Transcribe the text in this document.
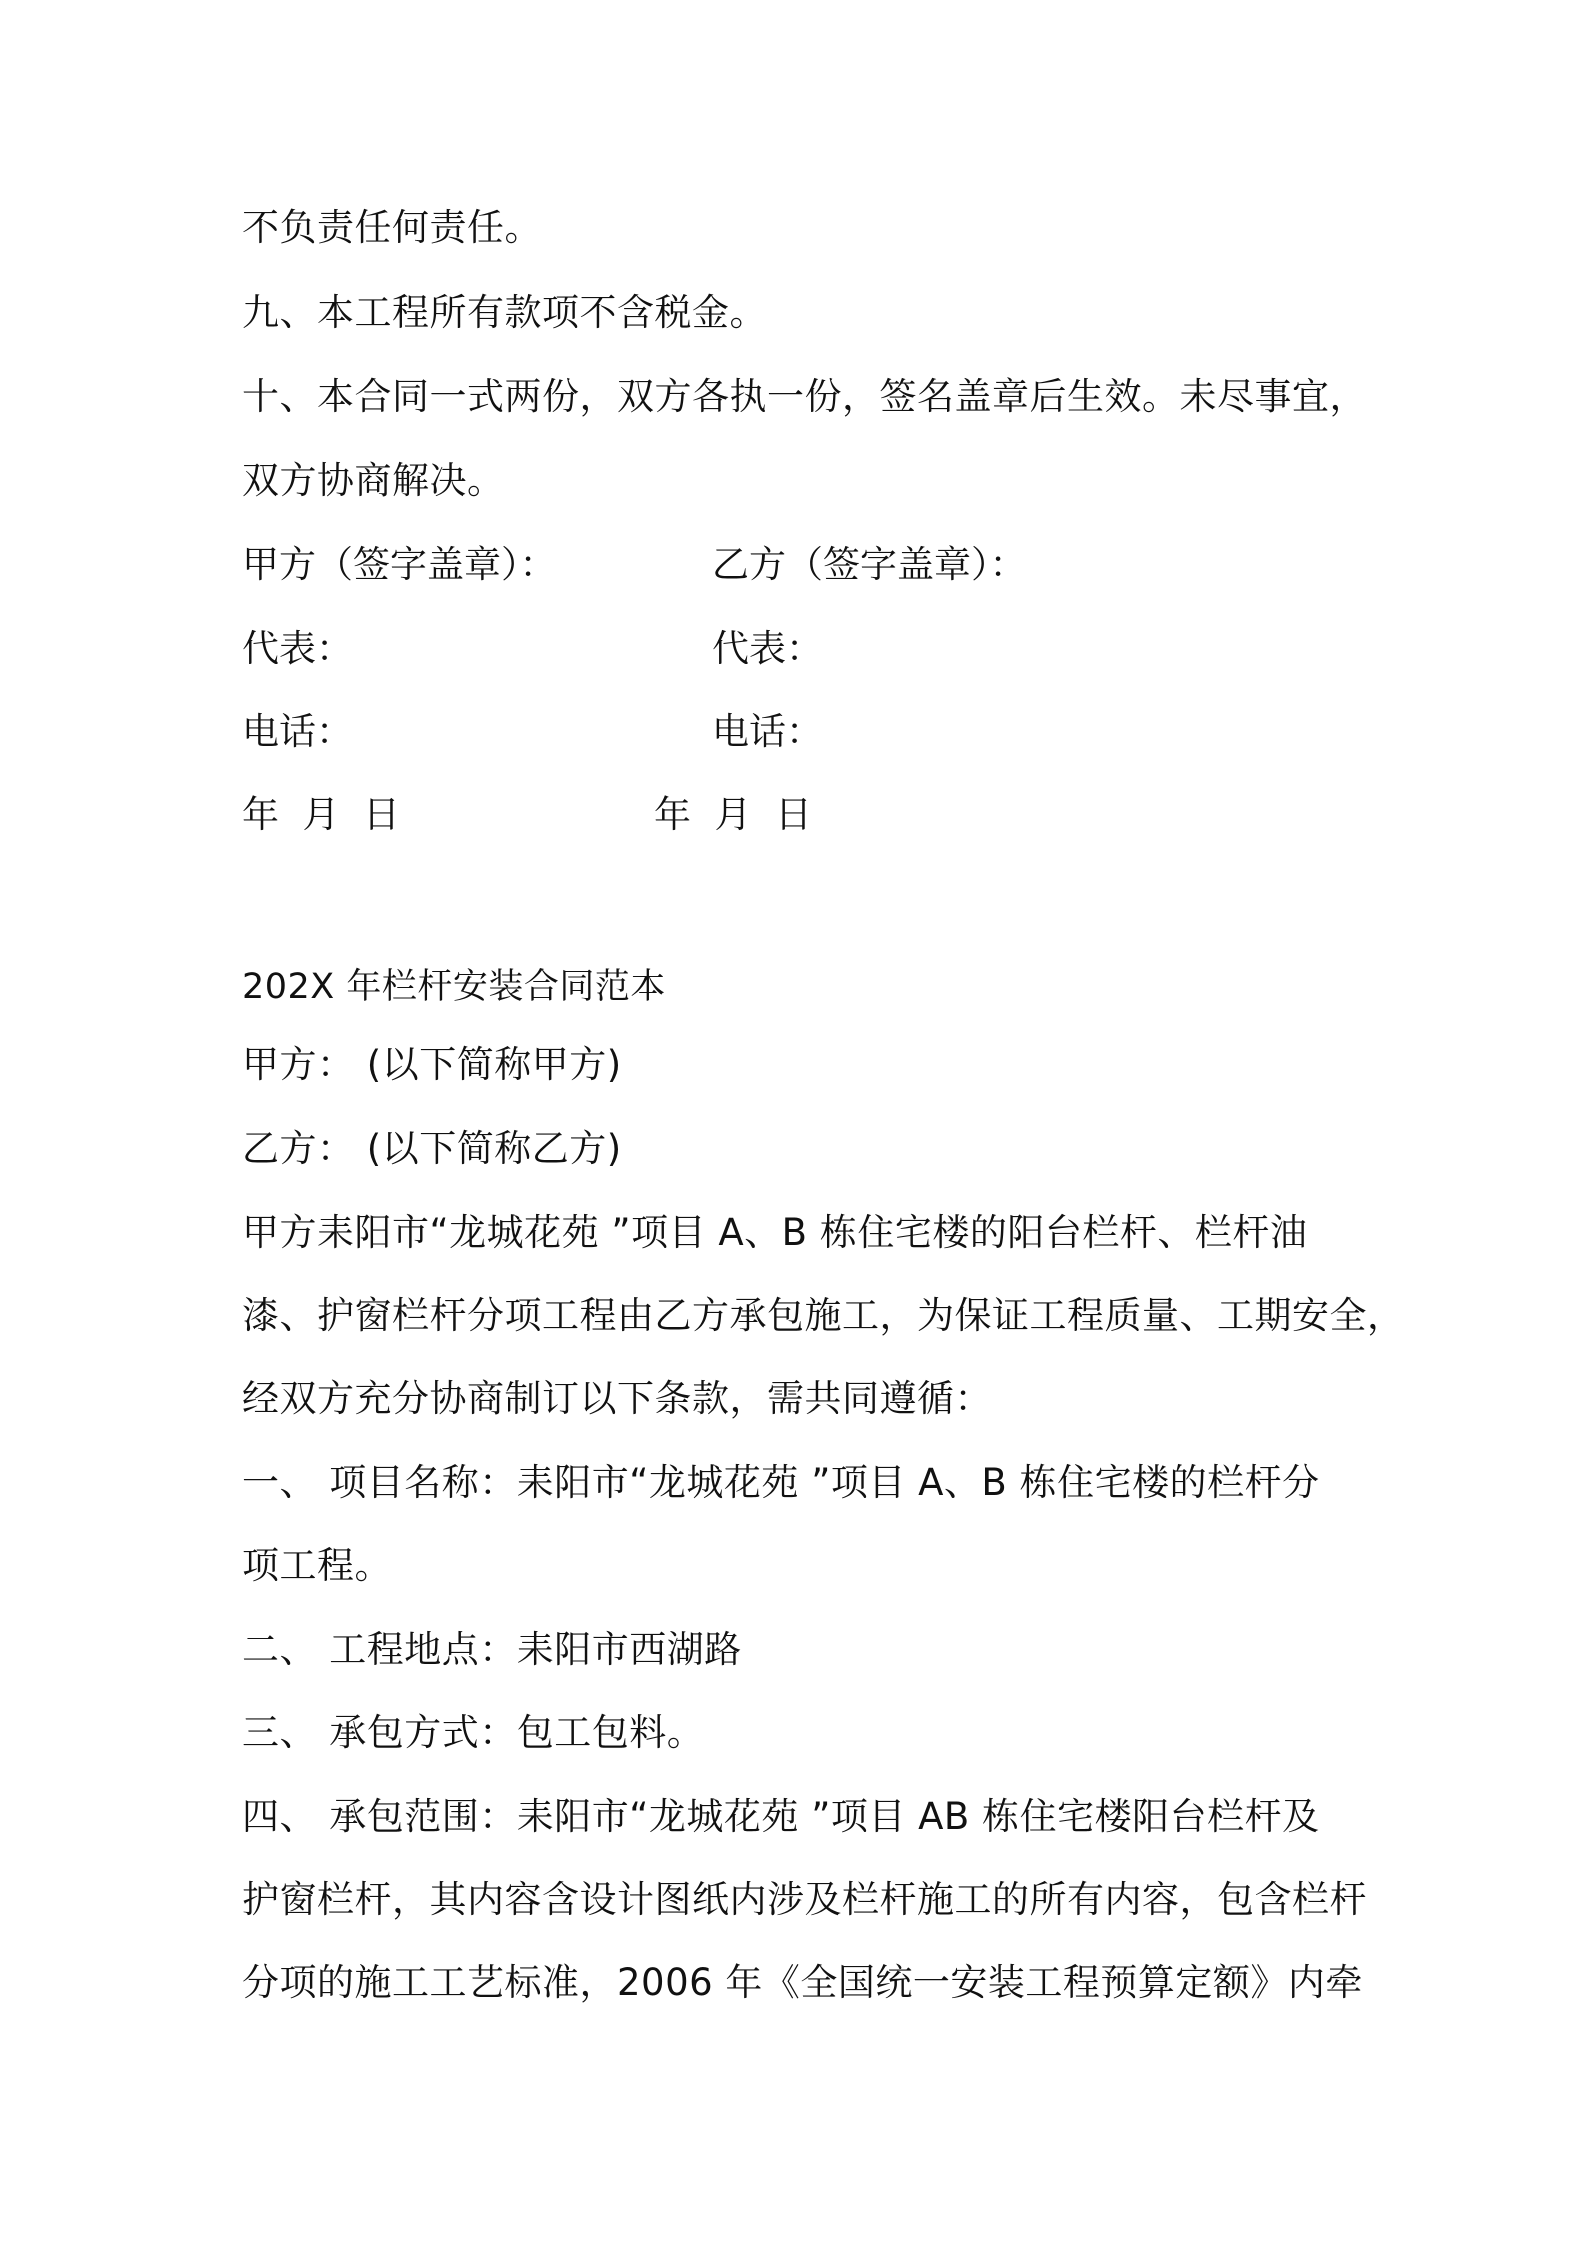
不负责任何责任。
九、本工程所有款项不含税金。
十、本合同一式两份，双方各执一份，签名盖章后生效。未尽事宜，
双方协商解决。
甲方（签字盖章）：	乙方（签字盖章）：
代表：	代表：
电话：	电话：
年  月  日	年  月  日
202X 年栏杆安装合同范本
甲方： (以下简称甲方)
乙方： (以下简称乙方)
甲方耒阳市“龙城花苑 ”项目 A、B 栋住宅楼的阳台栏杆、栏杆油
漆、护窗栏杆分项工程由乙方承包施工，为保证工程质量、工期安全，
经双方充分协商制订以下条款，需共同遵循：
一、 项目名称：耒阳市“龙城花苑 ”项目 A、B 栋住宅楼的栏杆分
项工程。
二、 工程地点：耒阳市西湖路
三、 承包方式：包工包料。
四、 承包范围：耒阳市“龙城花苑 ”项目 AB 栋住宅楼阳台栏杆及
护窗栏杆，其内容含设计图纸内涉及栏杆施工的所有内容，包含栏杆
分项的施工工艺标准，2006 年《全国统一安装工程预算定额》内牵
